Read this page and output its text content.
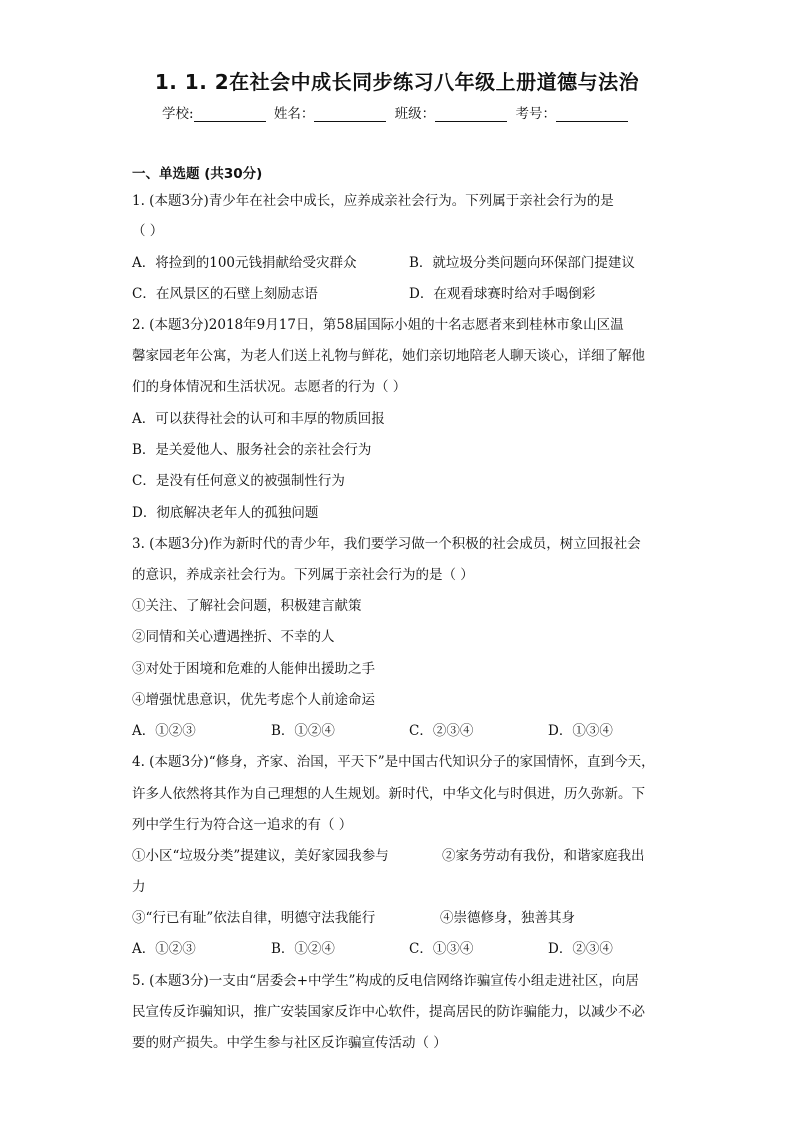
1. 1. 2在社会中成长同步练习八年级上册道德与法治
学校:	姓名：	班级：	考号：
一、单选题 (共30分)
1. (本题3分)青少年在社会中成长，应养成亲社会行为。下列属于亲社会行为的是
（ ）
A．将捡到的100元钱捐献给受灾群众	B．就垃圾分类问题向环保部门提建议
C．在风景区的石壁上刻励志语	D．在观看球赛时给对手喝倒彩
2. (本题3分)2018年9月17日，第58届国际小姐的十名志愿者来到桂林市象山区温
馨家园老年公寓，为老人们送上礼物与鲜花，她们亲切地陪老人聊天谈心，详细了解他
们的身体情况和生活状况。志愿者的行为（ ）
A．可以获得社会的认可和丰厚的物质回报
B．是关爱他人、服务社会的亲社会行为
C．是没有任何意义的被强制性行为
D．彻底解决老年人的孤独问题
3. (本题3分)作为新时代的青少年，我们要学习做一个积极的社会成员，树立回报社会
的意识，养成亲社会行为。下列属于亲社会行为的是（ ）
①关注、了解社会问题，积极建言献策
②同情和关心遭遇挫折、不幸的人
③对处于困境和危难的人能伸出援助之手
④增强忧患意识，优先考虑个人前途命运
A．①②③	B．①②④	C．②③④	D．①③④
4. (本题3分)“修身，齐家、治国，平天下”是中国古代知识分子的家国情怀，直到今天，
许多人依然将其作为自己理想的人生规划。新时代，中华文化与时俱进，历久弥新。下
列中学生行为符合这一追求的有（ ）
①小区“垃圾分类”提建议，美好家园我参与	②家务劳动有我份，和谐家庭我出
力
③“行已有耻”依法自律，明德守法我能行	④崇德修身，独善其身
A．①②③	B．①②④	C．①③④	D．②③④
5. (本题3分)一支由“居委会+中学生”构成的反电信网络诈骗宣传小组走进社区，向居
民宣传反诈骗知识，推广安装国家反诈中心软件，提高居民的防诈骗能力，以减少不必
要的财产损失。中学生参与社区反诈骗宣传活动（ ）
